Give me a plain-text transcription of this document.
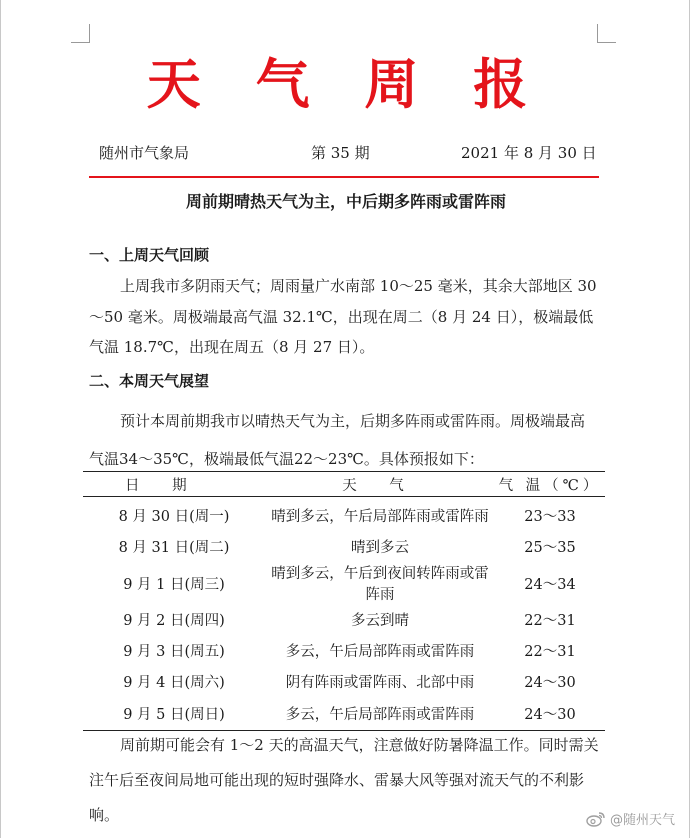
天 气 周 报
随州市气象局	第 35 期	2021 年 8 月 30 日
周前期晴热天气为主，中后期多阵雨或雷阵雨
一、上周天气回顾
上周我市多阴雨天气；周雨量广水南部 10～25 毫米，其余大部地区 30～50 毫米。周极端最高气温 32.1℃，出现在周二（8 月 24 日），极端最低气温 18.7℃，出现在周五（8 月 27 日）。
二、本周天气展望
预计本周前期我市以晴热天气为主，后期多阵雨或雷阵雨。周极端最高气温34～35℃，极端最低气温22～23℃。具体预报如下：
日 期	天 气	气 温（℃）
8 月 30 日(周一)	晴到多云，午后局部阵雨或雷阵雨	23～33
8 月 31 日(周二)	晴到多云	25～35
9 月 1 日(周三)	晴到多云，午后到夜间转阵雨或雷阵雨	24～34
9 月 2 日(周四)	多云到晴	22～31
9 月 3 日(周五)	多云，午后局部阵雨或雷阵雨	22～31
9 月 4 日(周六)	阴有阵雨或雷阵雨、北部中雨	24～30
9 月 5 日(周日)	多云，午后局部阵雨或雷阵雨	24～30
周前期可能会有 1～2 天的高温天气，注意做好防暑降温工作。同时需关注午后至夜间局地可能出现的短时强降水、雷暴大风等强对流天气的不利影响。	@随州天气
